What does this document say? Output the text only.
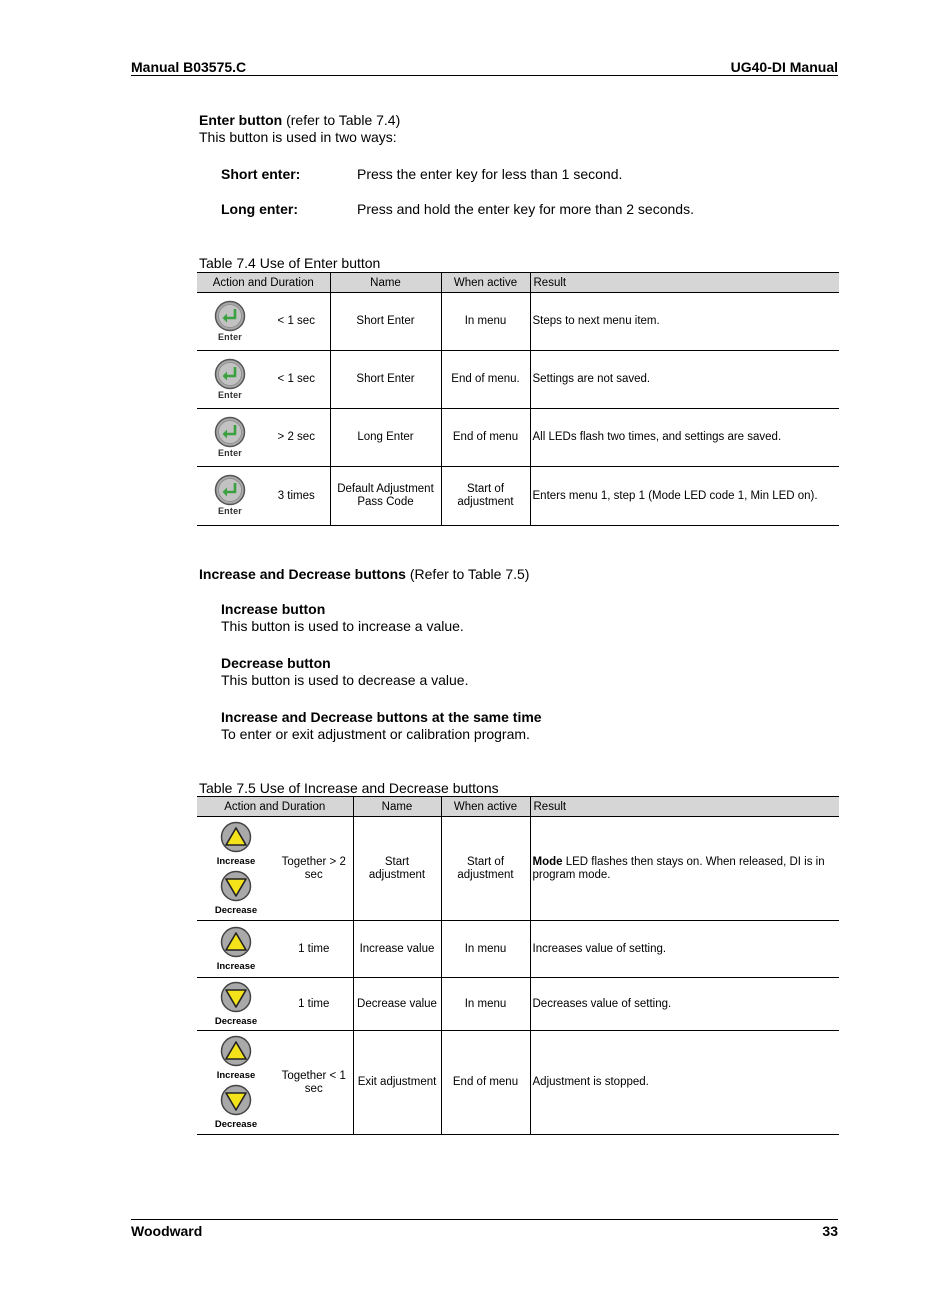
Manual B03575.C	UG40-DI Manual
Enter button (refer to Table 7.4)
This button is used in two ways:
Short enter:	Press the enter key for less than 1 second.
Long enter:	Press and hold the enter key for more than 2 seconds.
Table 7.4 Use of Enter button
Action and Duration	Name	When active	Result

Enter
< 1 sec	Short Enter	In menu	Steps to next menu item.

Enter
< 1 sec	Short Enter	End of menu.	Settings are not saved.

Enter
> 2 sec	Long Enter	End of menu	All LEDs flash two times, and settings are saved.

Enter
3 times	Default Adjustment Pass Code	Start of adjustment	Enters menu 1, step 1 (Mode LED code 1, Min LED on).
Increase and Decrease buttons (Refer to Table 7.5)
Increase button
This button is used to increase a value.
Decrease button
This button is used to decrease a value.
Increase and Decrease buttons at the same time
To enter or exit adjustment or calibration program.
Table 7.5 Use of Increase and Decrease buttons
Action and Duration	Name	When active	Result

Increase
Decrease
Together > 2 sec	Start adjustment	Start of adjustment	Mode LED flashes then stays on. When released, DI is in program mode.

Increase
1 time	Increase value	In menu	Increases value of setting.

Decrease
1 time	Decrease value	In menu	Decreases value of setting.

Increase
Decrease
Together < 1 sec	Exit adjustment	End of menu	Adjustment is stopped.
Woodward	33
